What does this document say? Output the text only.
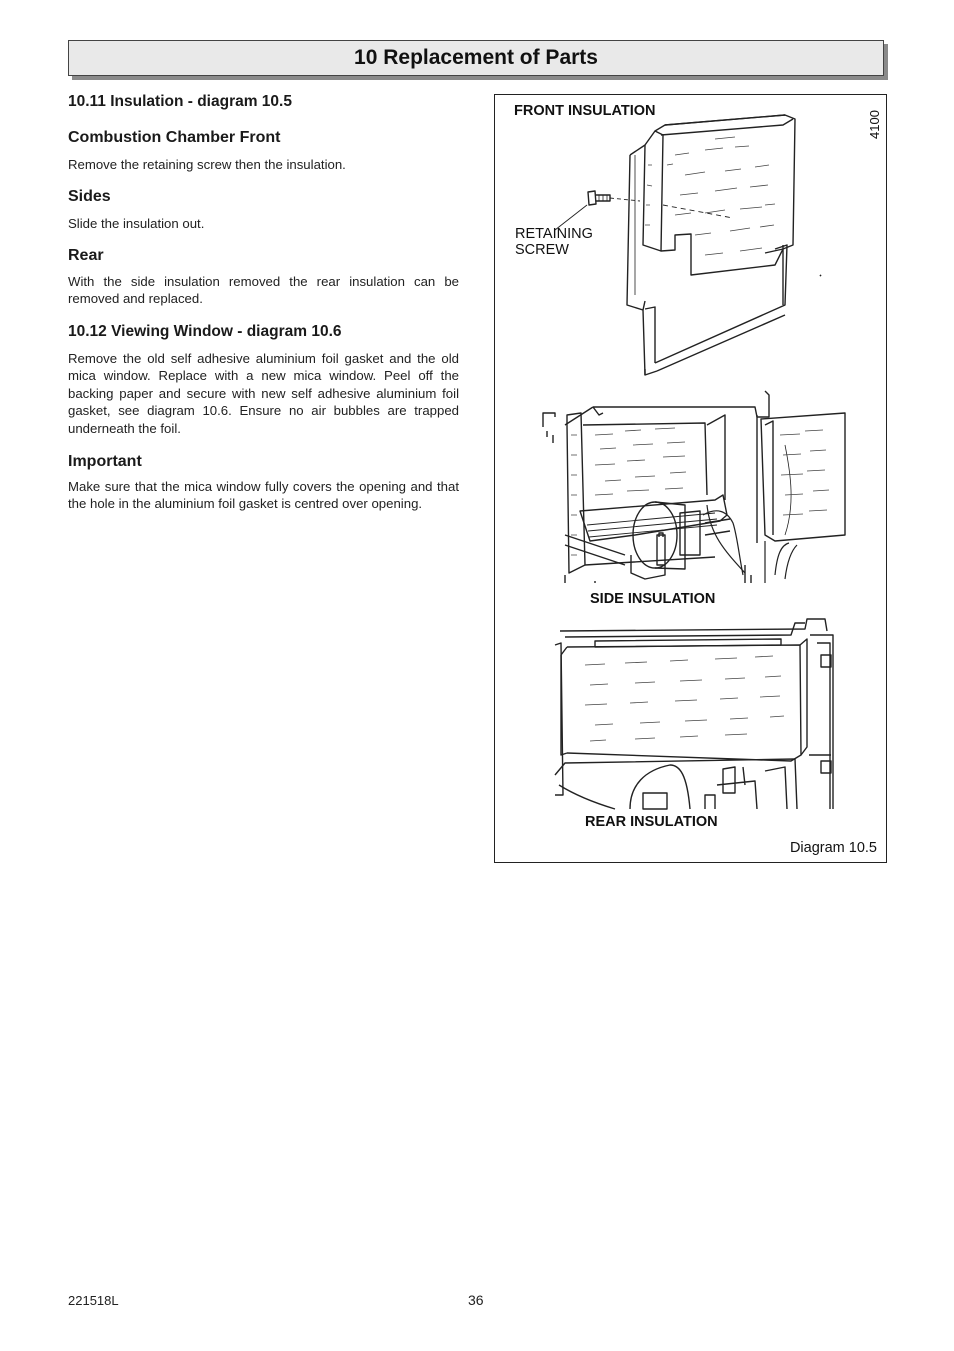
10 Replacement of Parts
10.11 Insulation - diagram 10.5
Combustion Chamber Front

Remove the retaining screw then the insulation.

Sides

Slide the insulation out.

Rear

With the side insulation removed the rear insulation can be removed and replaced.

10.12 Viewing Window - diagram 10.6

Remove the old self adhesive aluminium foil gasket and the old mica window. Replace with a new mica window. Peel off the backing paper and secure with new self adhesive aluminium foil gasket, see diagram 10.6. Ensure no air bubbles are trapped underneath the foil.

Important

Make sure that the mica window fully covers the opening and that the hole in the aluminium foil gasket is centred over opening.

FRONT INSULATION
RETAINING
SCREW
4100
SIDE INSULATION
REAR INSULATION
Diagram 10.5
221518L	36
